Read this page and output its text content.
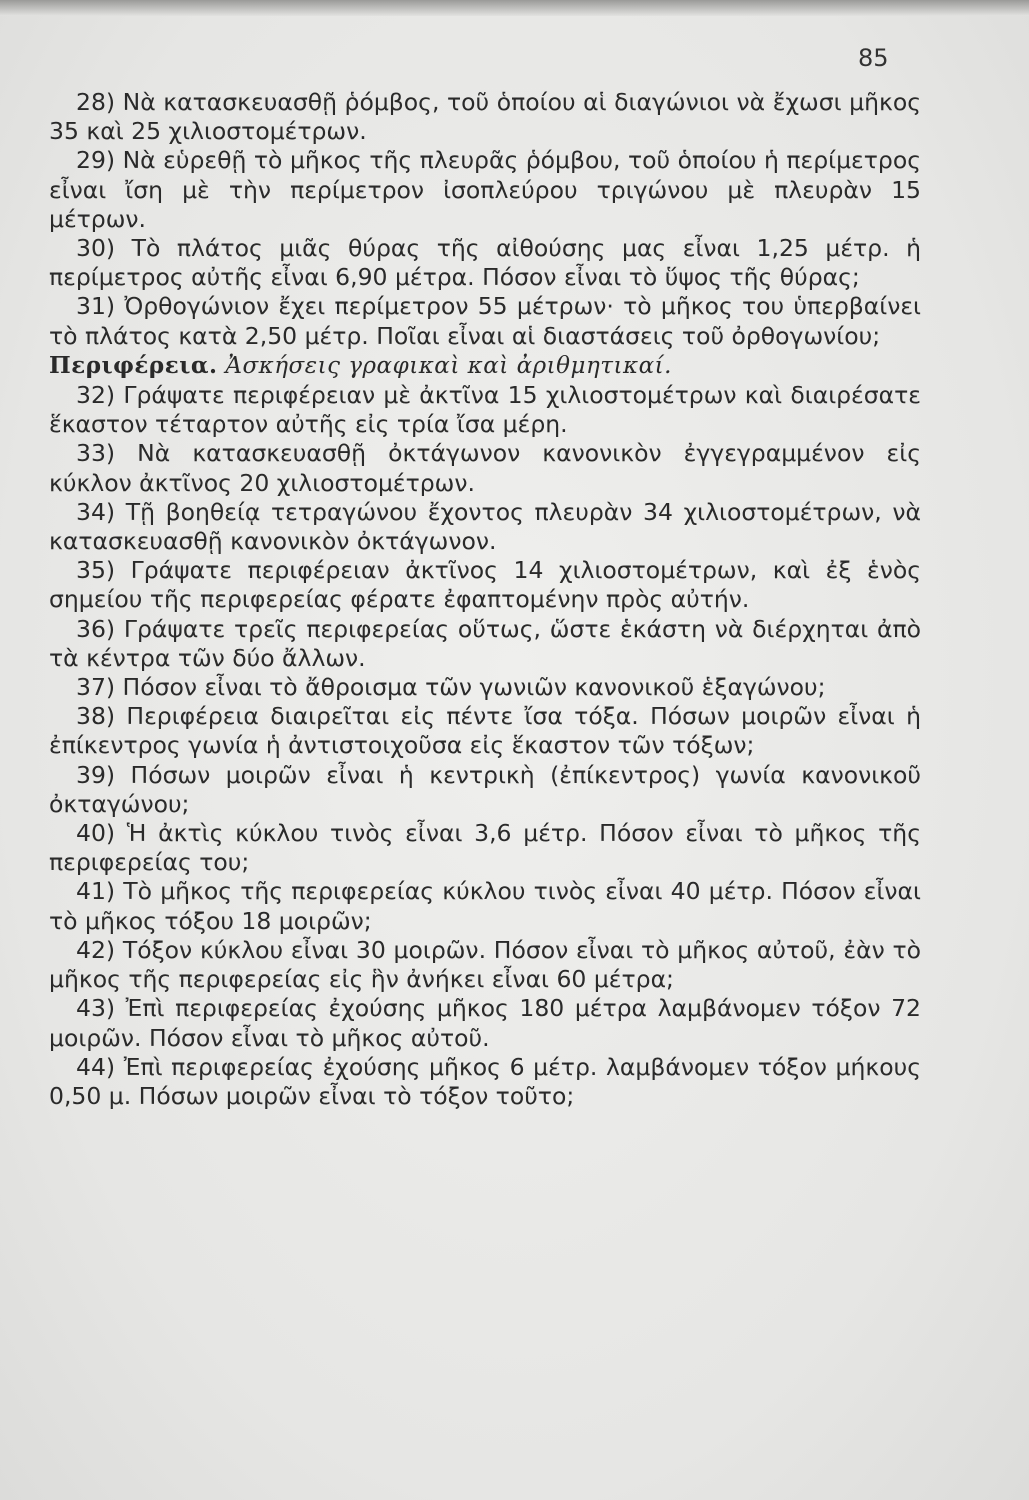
85

28) Νὰ κατασκευασθῇ ῥόμβος, τοῦ ὁποίου αἱ διαγώνιοι νὰ ἔχωσι μῆκος 35 καὶ 25 χιλιοστομέτρων.

29) Νὰ εὑρεθῇ τὸ μῆκος τῆς πλευρᾶς ῥόμβου, τοῦ ὁποίου ἡ περίμετρος εἶναι ἴση μὲ τὴν περίμετρον ἰσοπλεύρου τριγώνου μὲ πλευρὰν 15 μέτρων.

30) Τὸ πλάτος μιᾶς θύρας τῆς αἰθούσης μας εἶναι 1,25 μέτρ. ἡ περίμετρος αὐτῆς εἶναι 6,90 μέτρα. Πόσον εἶναι τὸ ὕψος τῆς θύρας;

31) Ὀρθογώνιον ἔχει περίμετρον 55 μέτρων· τὸ μῆκος του ὑπερβαίνει τὸ πλάτος κατὰ 2,50 μέτρ. Ποῖαι εἶναι αἱ διαστάσεις τοῦ ὀρθογωνίου;

Περιφέρεια. Ἀσκήσεις γραφικαὶ καὶ ἀριθμητικαί.

32) Γράψατε περιφέρειαν μὲ ἀκτῖνα 15 χιλιοστομέτρων καὶ διαιρέσατε ἕκαστον τέταρτον αὐτῆς εἰς τρία ἴσα μέρη.

33) Νὰ κατασκευασθῇ ὀκτάγωνον κανονικὸν ἐγγεγραμμένον εἰς κύκλον ἀκτῖνος 20 χιλιοστομέτρων.

34) Τῇ βοηθείᾳ τετραγώνου ἔχοντος πλευρὰν 34 χιλιοστομέτρων, νὰ κατασκευασθῇ κανονικὸν ὀκτάγωνον.

35) Γράψατε περιφέρειαν ἀκτῖνος 14 χιλιοστομέτρων, καὶ ἐξ ἑνὸς σημείου τῆς περιφερείας φέρατε ἐφαπτομένην πρὸς αὐτήν.

36) Γράψατε τρεῖς περιφερείας οὕτως, ὥστε ἑκάστη νὰ διέρχηται ἀπὸ τὰ κέντρα τῶν δύο ἄλλων.

37) Πόσον εἶναι τὸ ἄθροισμα τῶν γωνιῶν κανονικοῦ ἑξαγώνου;

38) Περιφέρεια διαιρεῖται εἰς πέντε ἴσα τόξα. Πόσων μοιρῶν εἶναι ἡ ἐπίκεντρος γωνία ἡ ἀντιστοιχοῦσα εἰς ἕκαστον τῶν τόξων;

39) Πόσων μοιρῶν εἶναι ἡ κεντρικὴ (ἐπίκεντρος) γωνία κανονικοῦ ὀκταγώνου;

40) Ἡ ἀκτὶς κύκλου τινὸς εἶναι 3,6 μέτρ. Πόσον εἶναι τὸ μῆκος τῆς περιφερείας του;

41) Τὸ μῆκος τῆς περιφερείας κύκλου τινὸς εἶναι 40 μέτρ. Πόσον εἶναι τὸ μῆκος τόξου 18 μοιρῶν;

42) Τόξον κύκλου εἶναι 30 μοιρῶν. Πόσον εἶναι τὸ μῆκος αὐτοῦ, ἐὰν τὸ μῆκος τῆς περιφερείας εἰς ἣν ἀνήκει εἶναι 60 μέτρα;

43) Ἐπὶ περιφερείας ἐχούσης μῆκος 180 μέτρα λαμβάνομεν τόξον 72 μοιρῶν. Πόσον εἶναι τὸ μῆκος αὐτοῦ.

44) Ἐπὶ περιφερείας ἐχούσης μῆκος 6 μέτρ. λαμβάνομεν τόξον μήκους 0,50 μ. Πόσων μοιρῶν εἶναι τὸ τόξον τοῦτο;
